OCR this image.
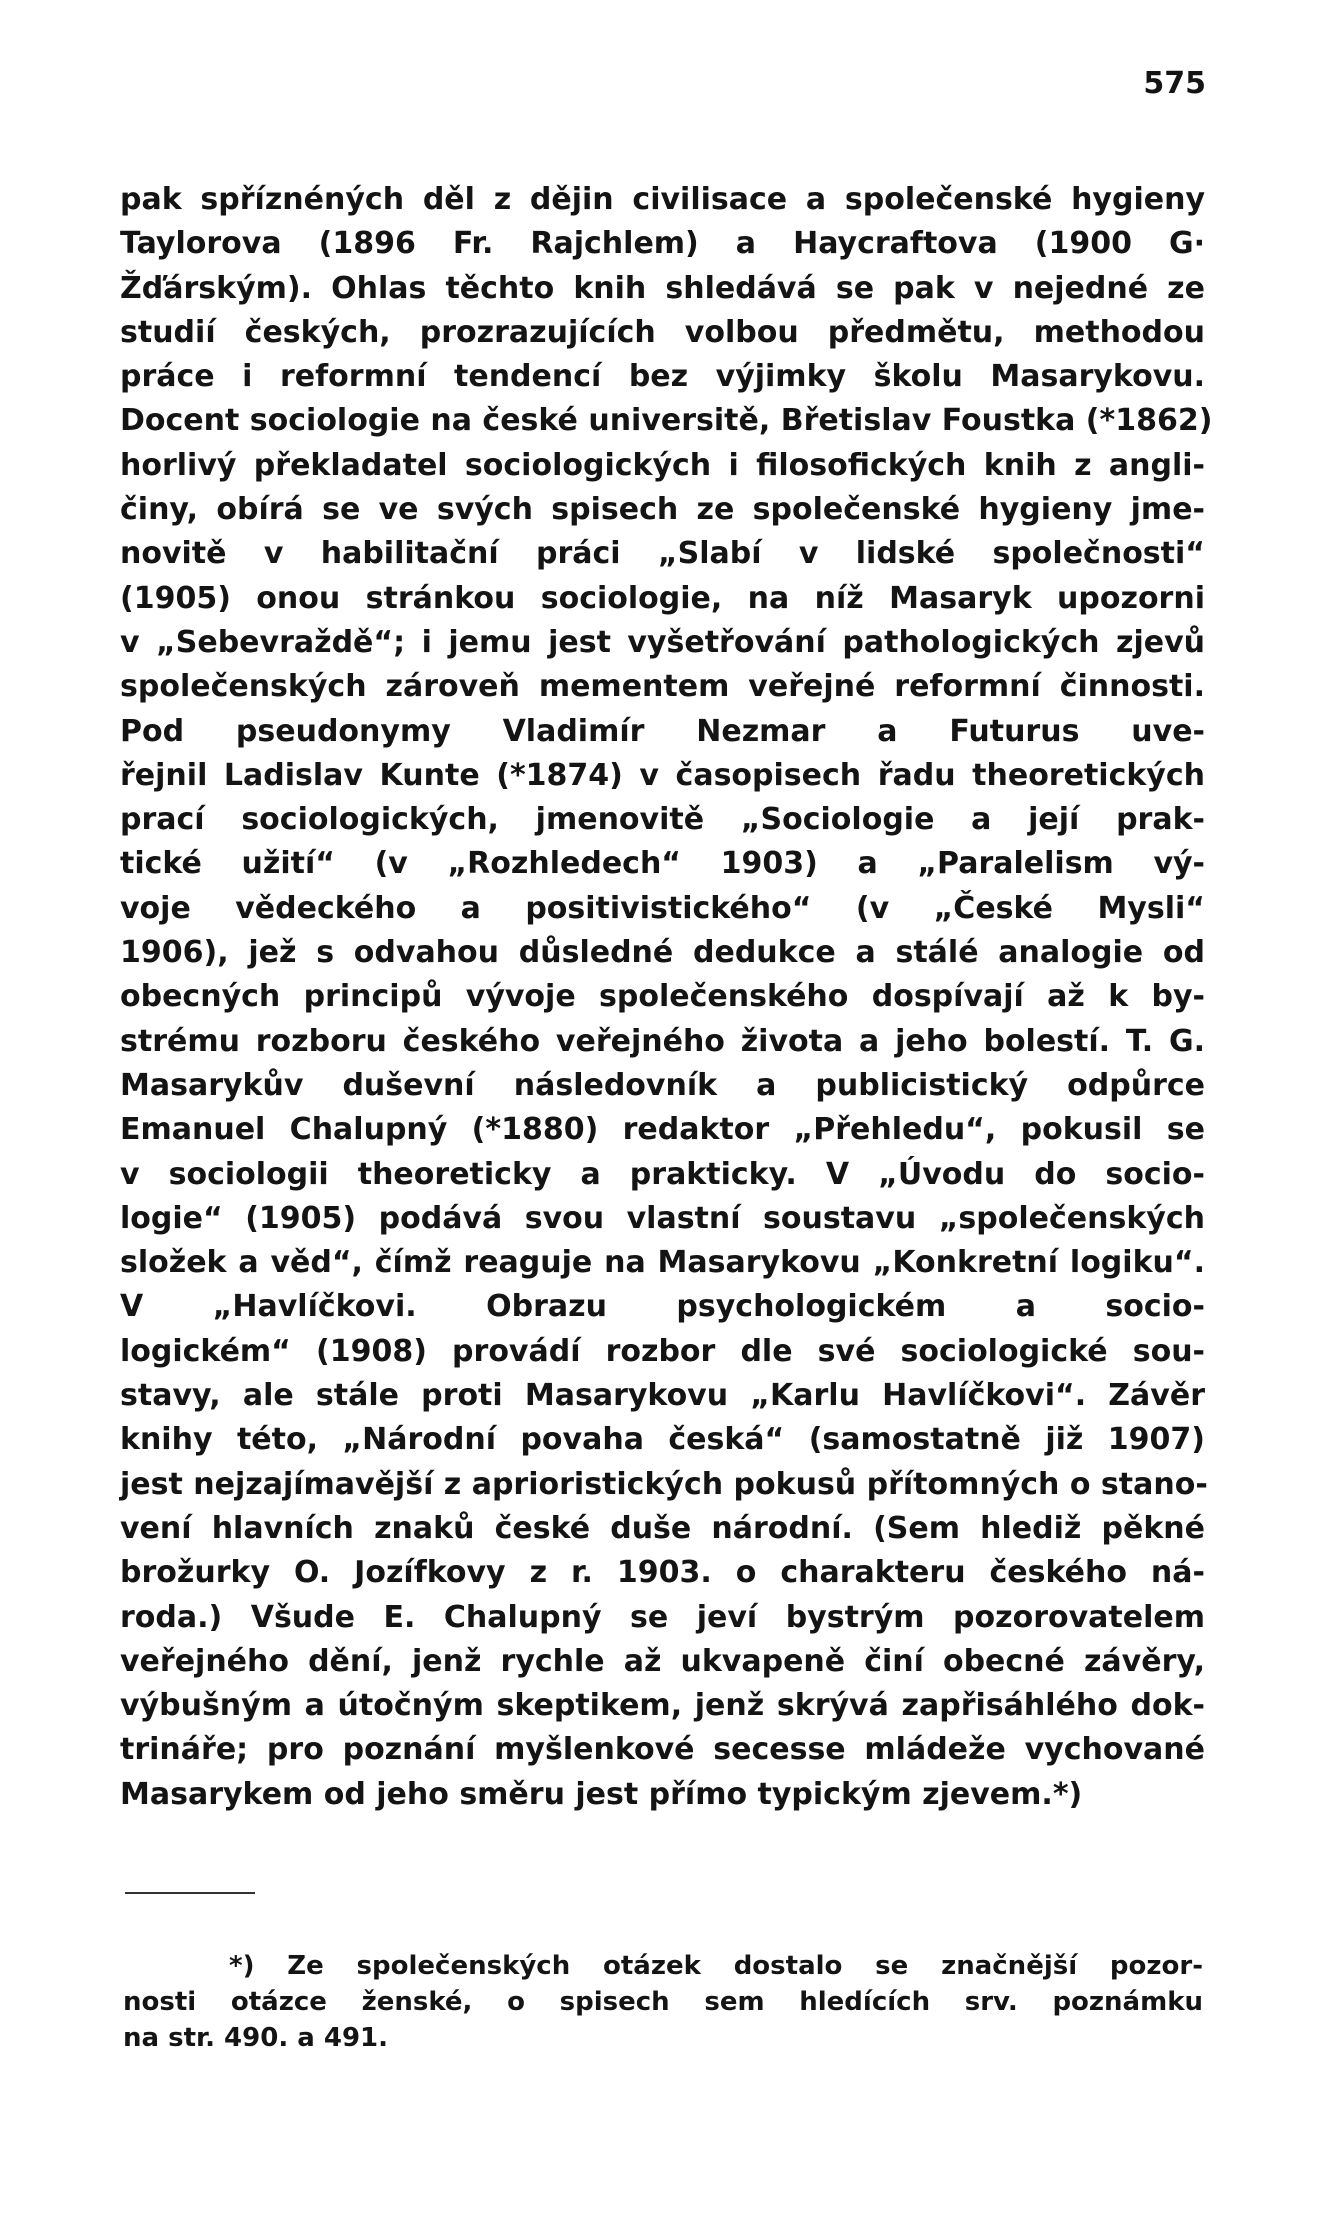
575
pak spříznéných děl z dějin civilisace a společenské hygieny
Taylorova (1896 Fr. Rajchlem) a Haycraftova (1900 G·
Žďárským). Ohlas těchto knih shledává se pak v nejedné ze
studií českých, prozrazujících volbou předmětu, methodou
práce i reformní tendencí bez výjimky školu Masarykovu.
Docent sociologie na české universitě, Břetislav Foustka (*1862)
horlivý překladatel sociologických i filosofických knih z angli-
činy, obírá se ve svých spisech ze společenské hygieny jme-
novitě v habilitační práci „Slabí v lidské společnosti“
(1905) onou stránkou sociologie, na níž Masaryk upozorni
v „Sebevraždě“; i jemu jest vyšetřování pathologických zjevů
společenských zároveň mementem veřejné reformní činnosti.
Pod pseudonymy Vladimír Nezmar a Futurus uve-
řejnil Ladislav Kunte (*1874) v časopisech řadu theoretických
prací sociologických, jmenovitě „Sociologie a její prak-
tické užití“ (v „Rozhledech“ 1903) a „Paralelism vý-
voje vědeckého a positivistického“ (v „České Mysli“
1906), jež s odvahou důsledné dedukce a stálé analogie od
obecných principů vývoje společenského dospívají až k by-
strému rozboru českého veřejného života a jeho bolestí. T. G.
Masarykův duševní následovník a publicistický odpůrce
Emanuel Chalupný (*1880) redaktor „Přehledu“, pokusil se
v sociologii theoreticky a prakticky. V „Úvodu do socio-
logie“ (1905) podává svou vlastní soustavu „společenských
složek a věd“, čímž reaguje na Masarykovu „Konkretní logiku“.
V „Havlíčkovi. Obrazu psychologickém a socio-
logickém“ (1908) provádí rozbor dle své sociologické sou-
stavy, ale stále proti Masarykovu „Karlu Havlíčkovi“. Závěr
knihy této, „Národní povaha česká“ (samostatně již 1907)
jest nejzajímavější z aprioristických pokusů přítomných o stano-
vení hlavních znaků české duše národní. (Sem hlediž pěkné
brožurky O. Jozífkovy z r. 1903. o charakteru českého ná-
roda.) Všude E. Chalupný se jeví bystrým pozorovatelem
veřejného dění, jenž rychle až ukvapeně činí obecné závěry,
výbušným a útočným skeptikem, jenž skrývá zapřisáhlého dok-
trináře; pro poznání myšlenkové secesse mládeže vychované
Masarykem od jeho směru jest přímo typickým zjevem.*)
*) Ze společenských otázek dostalo se značnější pozor-
nosti otázce ženské, o spisech sem hledících srv. poznámku
na str. 490. a 491.
